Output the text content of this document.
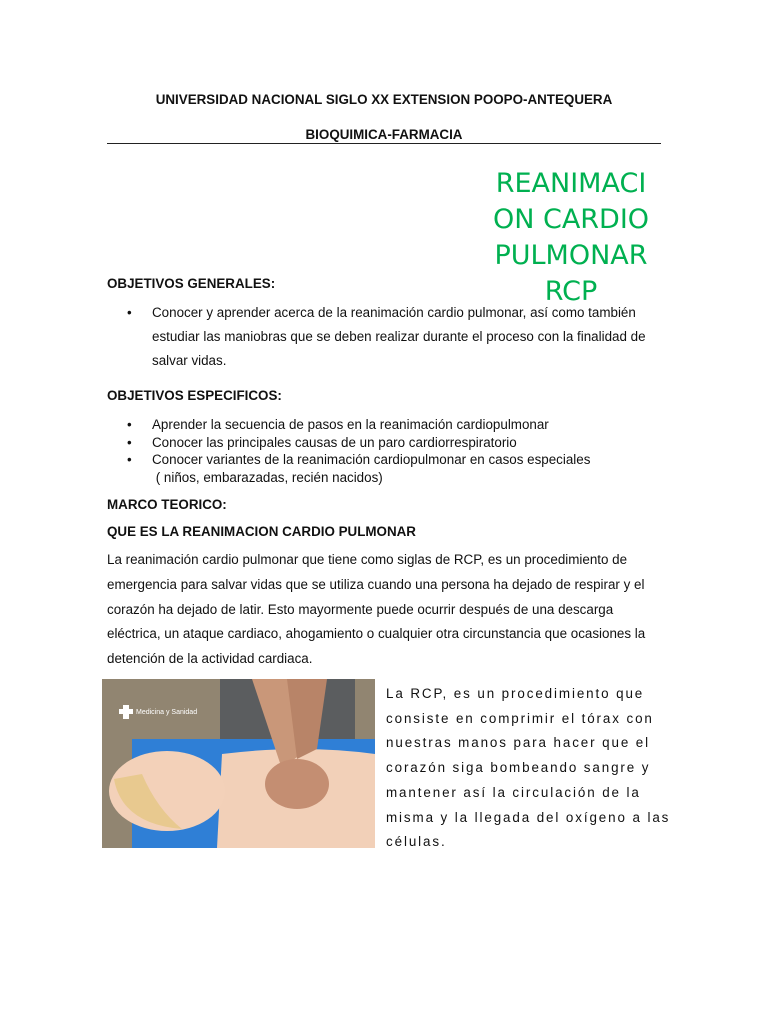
UNIVERSIDAD NACIONAL SIGLO XX EXTENSION POOPO-ANTEQUERA
BIOQUIMICA-FARMACIA
REANIMACI
ON CARDIO
PULMONAR
RCP
OBJETIVOS GENERALES:
• Conocer y aprender acerca de la reanimación cardio pulmonar, así como también estudiar las maniobras que se deben realizar durante el proceso con la finalidad de salvar vidas.
OBJETIVOS ESPECIFICOS:
• Aprender la secuencia de pasos en la reanimación cardiopulmonar
• Conocer las principales causas de un paro cardiorrespiratorio
• Conocer variantes de la reanimación cardiopulmonar en casos especiales
( niños, embarazadas, recién nacidos)
MARCO TEORICO:
QUE ES LA REANIMACION CARDIO PULMONAR
La reanimación cardio pulmonar que tiene como siglas de RCP, es un procedimiento de emergencia para salvar vidas que se utiliza cuando una persona ha dejado de respirar y el corazón ha dejado de latir. Esto mayormente puede ocurrir después de una descarga eléctrica, un ataque cardiaco, ahogamiento o cualquier otra circunstancia que ocasiones la detención de la actividad cardiaca.
Medicina y Sanidad
La RCP, es un procedimiento que consiste en comprimir el tórax con nuestras manos para hacer que el corazón siga bombeando sangre y mantener así la circulación de la misma y la llegada del oxígeno a las células.
